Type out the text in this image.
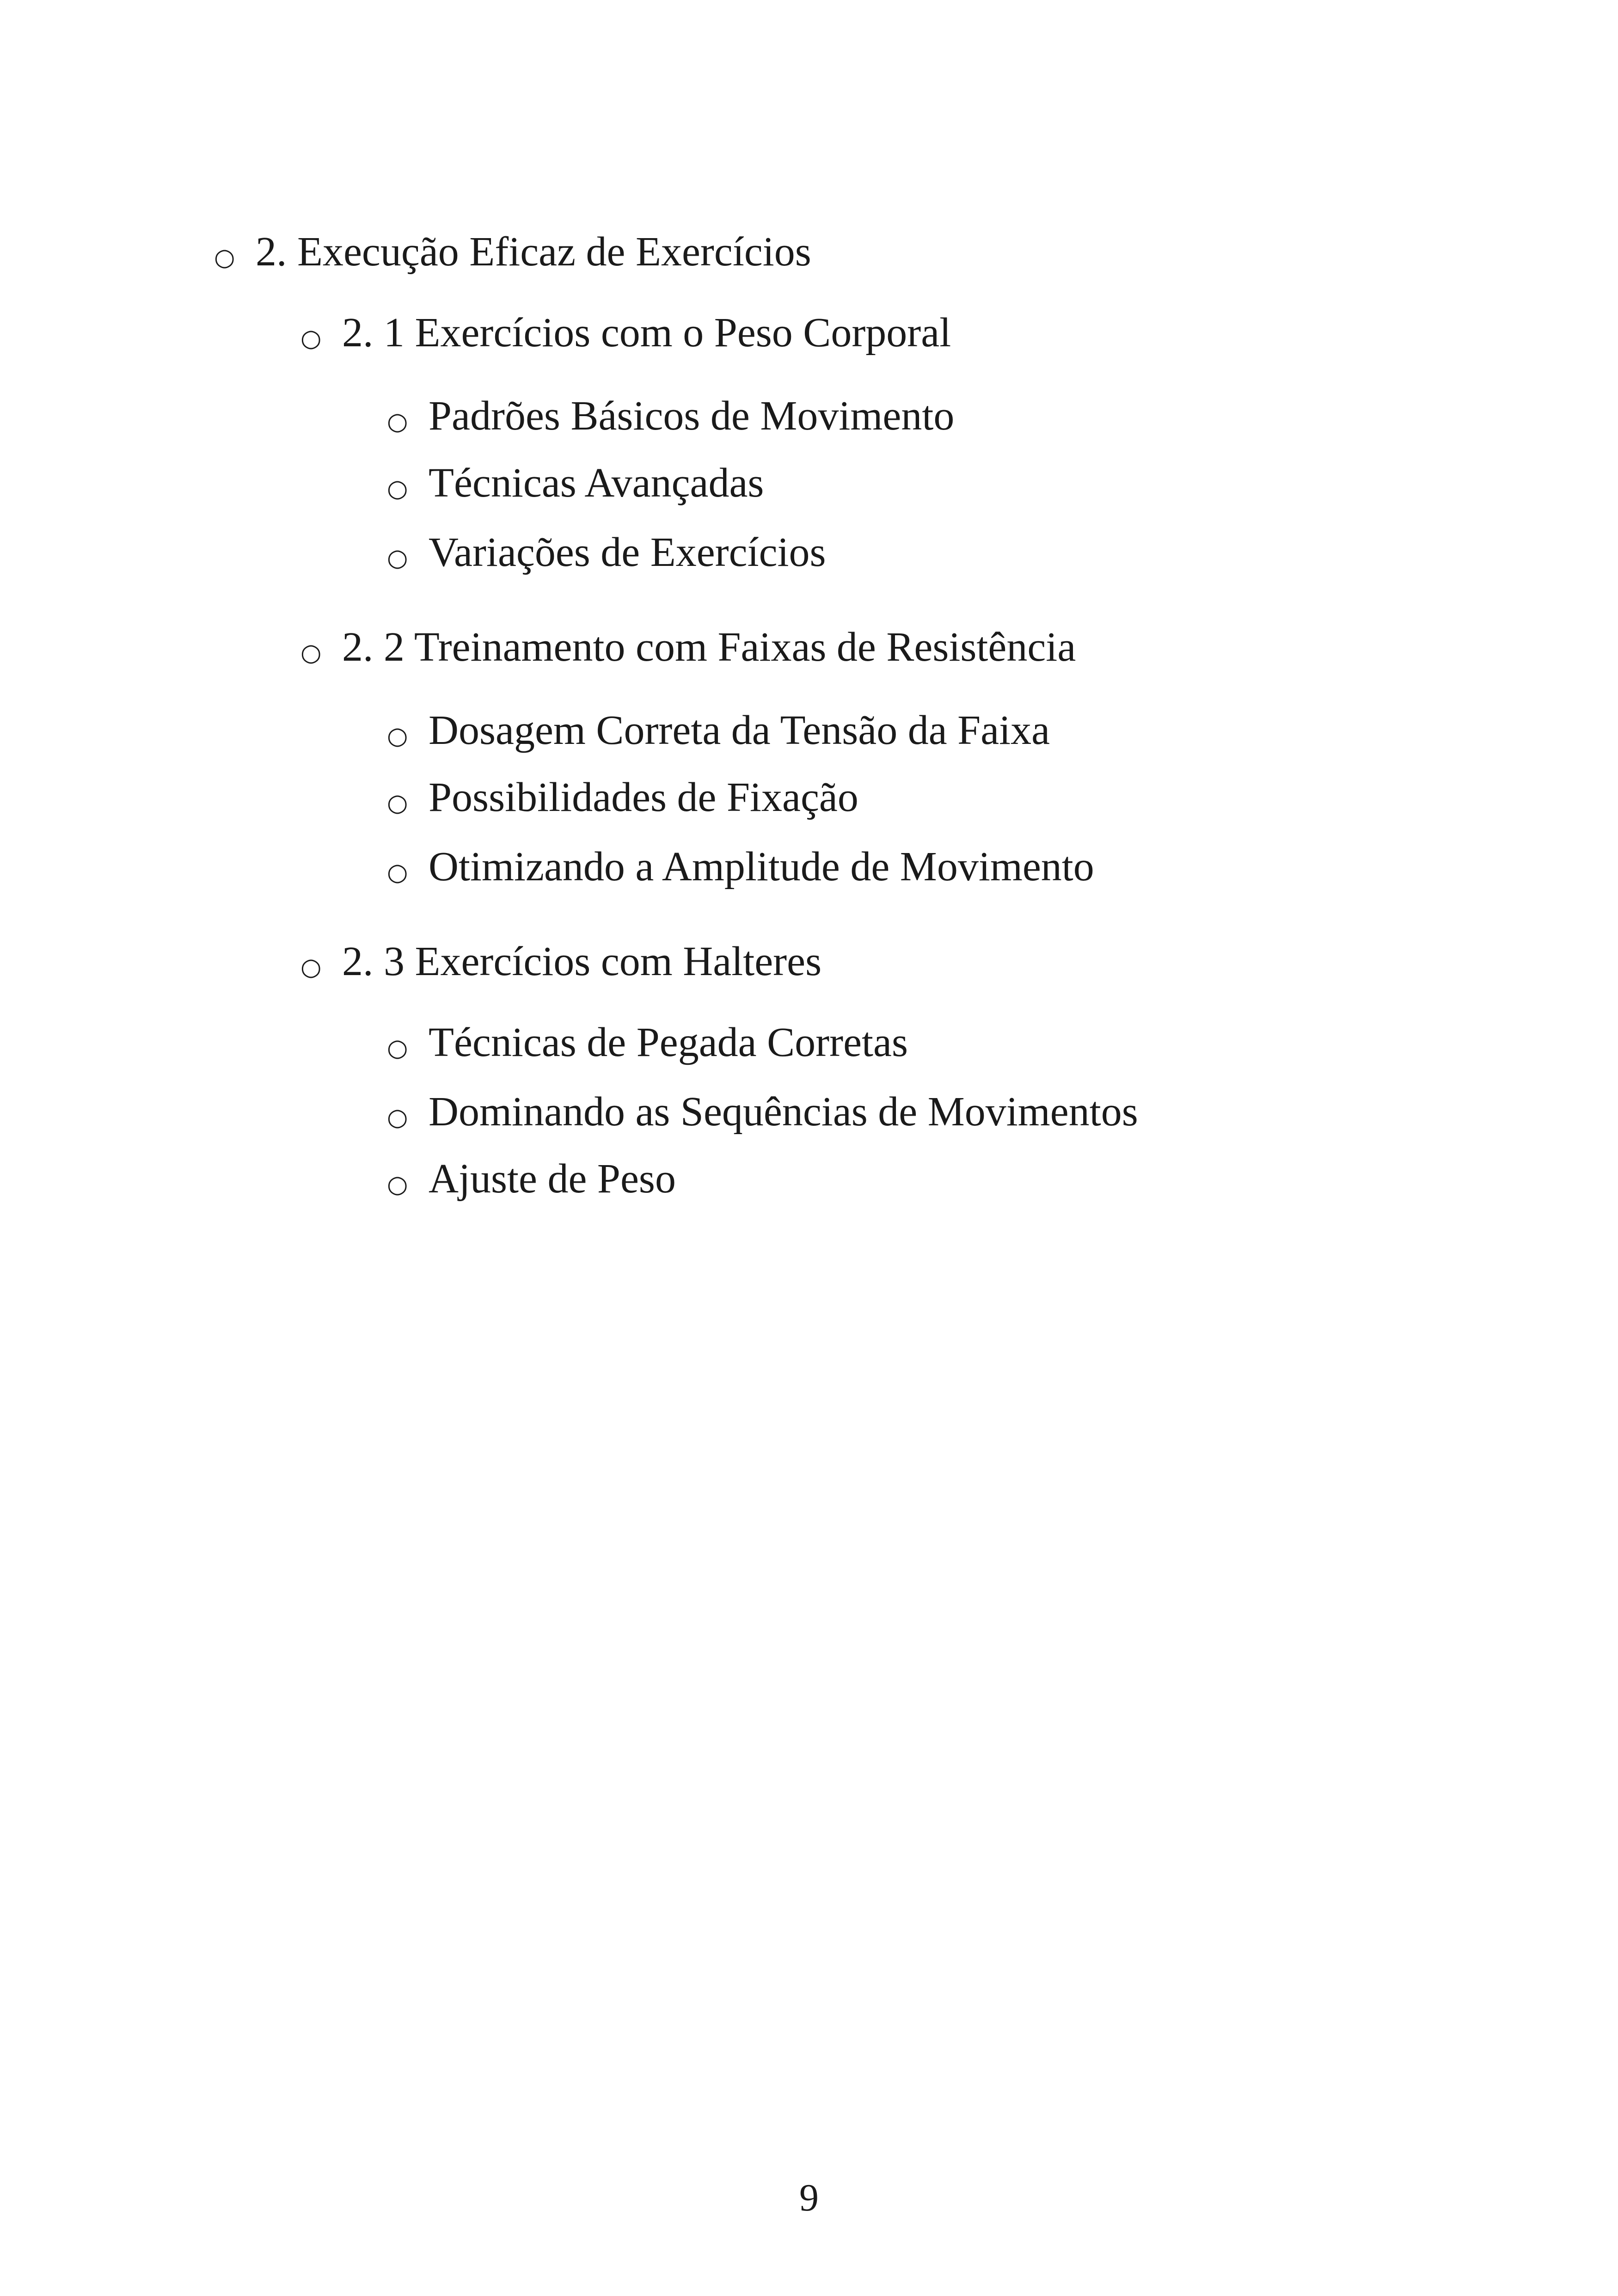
○ 2. Execução Eficaz de Exercícios
○ 2. 1 Exercícios com o Peso Corporal
○ Padrões Básicos de Movimento
○ Técnicas Avançadas
○ Variações de Exercícios
○ 2. 2 Treinamento com Faixas de Resistência
○ Dosagem Correta da Tensão da Faixa
○ Possibilidades de Fixação
○ Otimizando a Amplitude de Movimento
○ 2. 3 Exercícios com Halteres
○ Técnicas de Pegada Corretas
○ Dominando as Sequências de Movimentos
○ Ajuste de Peso
9
